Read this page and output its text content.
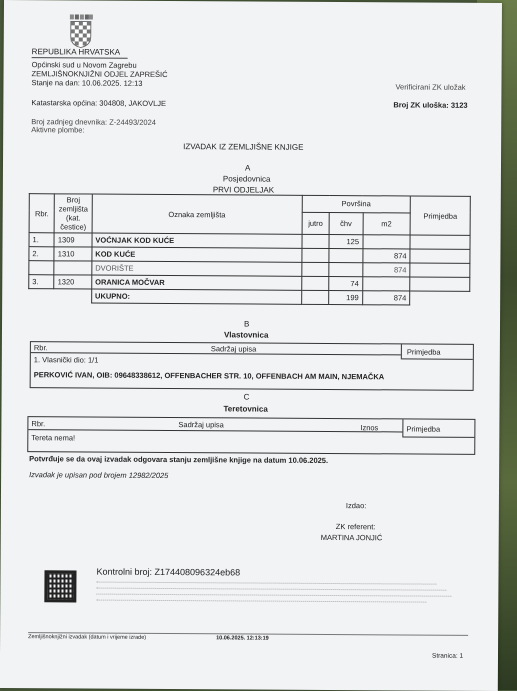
REPUBLIKA HRVATSKA
Općinski sud u Novom Zagrebu
ZEMLJIŠNOKNJIŽNI ODJEL ZAPREŠIĆ
Stanje na dan: 10.06.2025. 12:13	Verificirani ZK uložak
Katastarska općina: 304808, JAKOVLJE	Broj ZK uloška: 3123
Broj zadnjeg dnevnika: Z-24493/2024
Aktivne plombe:
IZVADAK IZ ZEMLJIŠNE KNJIGE
A
Posjedovnica
PRVI ODJELJAK
Rbr.	Broj
zemljišta
(kat.
čestice)	Oznaka zemljišta	Površina			Primjedba
			jutro	čhv	m2	
1.	1309	VOĆNJAK KOD KUĆE		125		
2.	1310	KOD KUĆE			874	
		DVORIŠTE			874	
3.	1320	ORANICA MOČVAR		74		
		UKUPNO:		199	874	
B
Vlastovnica
Rbr.	Sadržaj upisa	Primjedba
1. Vlasnički dio: 1/1
PERKOVIĆ IVAN, OIB: 09648338612, OFFENBACHER STR. 10, OFFENBACH AM MAIN, NJEMAČKA
C
Teretovnica
Rbr.	Sadržaj upisa	Iznos	Primjedba
Tereta nema!
Potvrđuje se da ovaj izvadak odgovara stanju zemljišne knjige na datum 10.06.2025.
Izvadak je upisan pod brojem 12982/2025
Izdao:
ZK referent:
MARTINA JONJIĆ
Kontrolni broj: Z174408096324eb68
Zemljišnoknjižni izvadak (datum i vrijeme izrade)	10.06.2025. 12:13:19
Stranica: 1
